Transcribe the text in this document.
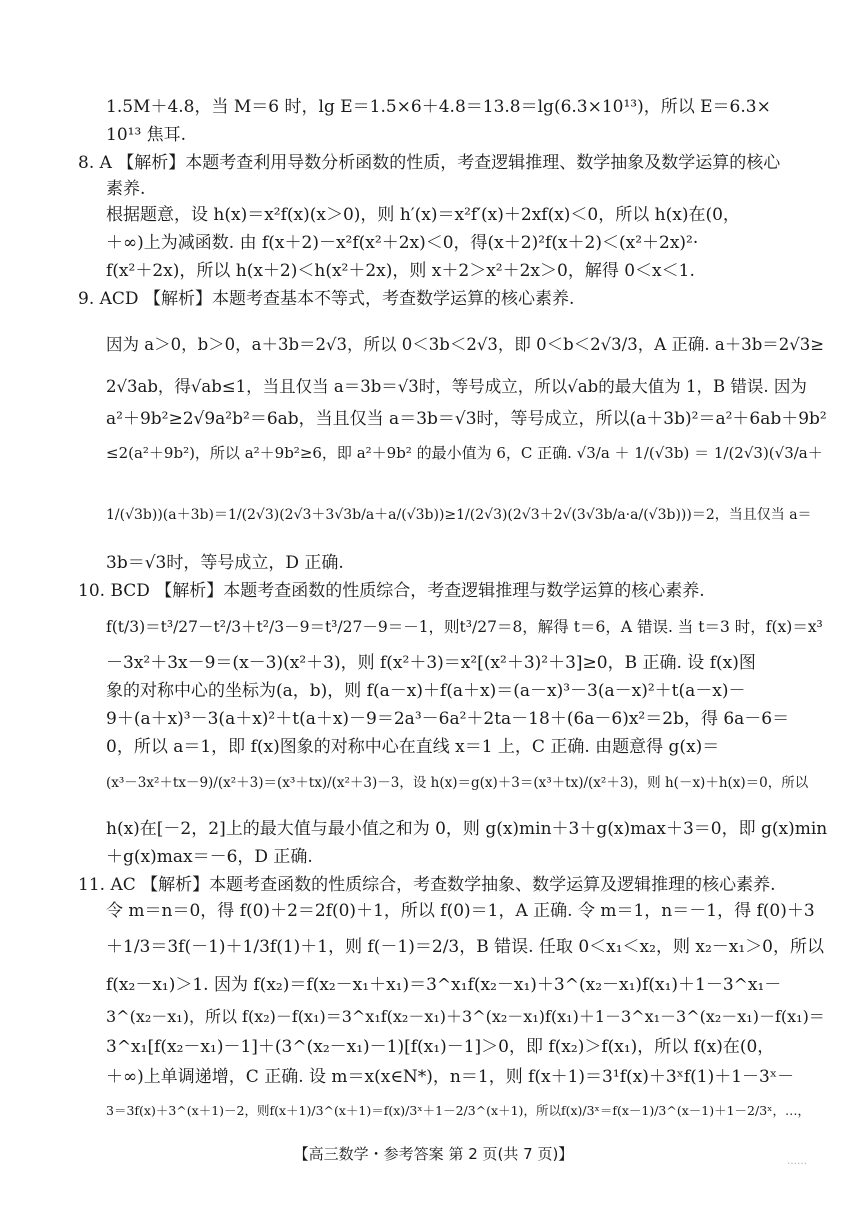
1.5M＋4.8，当 M＝6 时，lg E＝1.5×6＋4.8＝13.8＝lg(6.3×10¹³)，所以 E＝6.3×
10¹³ 焦耳.
8. A 【解析】本题考查利用导数分析函数的性质，考查逻辑推理、数学抽象及数学运算的核心
素养.
根据题意，设 h(x)＝x²f(x)(x＞0)，则 h′(x)＝x²f′(x)＋2xf(x)＜0，所以 h(x)在(0，
＋∞)上为减函数. 由 f(x＋2)－x²f(x²＋2x)＜0，得(x＋2)²f(x＋2)＜(x²＋2x)²·
f(x²＋2x)，所以 h(x＋2)＜h(x²＋2x)，则 x＋2＞x²＋2x＞0，解得 0＜x＜1.
9. ACD 【解析】本题考查基本不等式，考查数学运算的核心素养.
因为 a＞0，b＞0，a＋3b＝2√3，所以 0＜3b＜2√3，即 0＜b＜2√3/3，A 正确. a＋3b＝2√3≥
2√3ab，得√ab≤1，当且仅当 a＝3b＝√3时，等号成立，所以√ab的最大值为 1，B 错误. 因为
a²＋9b²≥2√9a²b²＝6ab，当且仅当 a＝3b＝√3时，等号成立，所以(a＋3b)²＝a²＋6ab＋9b²
≤2(a²＋9b²)，所以 a²＋9b²≥6，即 a²＋9b² 的最小值为 6，C 正确. √3/a ＋ 1/(√3b) ＝ 1/(2√3)(√3/a＋
1/(√3b))(a＋3b)＝1/(2√3)(2√3＋3√3b/a＋a/(√3b))≥1/(2√3)(2√3＋2√(3√3b/a·a/(√3b)))＝2，当且仅当 a＝
3b＝√3时，等号成立，D 正确.
10. BCD 【解析】本题考查函数的性质综合，考查逻辑推理与数学运算的核心素养.
f(t/3)＝t³/27－t²/3＋t²/3－9＝t³/27－9＝－1，则t³/27＝8，解得 t＝6，A 错误. 当 t＝3 时，f(x)＝x³
－3x²＋3x－9＝(x－3)(x²＋3)，则 f(x²＋3)＝x²[(x²＋3)²＋3]≥0，B 正确. 设 f(x)图
象的对称中心的坐标为(a，b)，则 f(a－x)＋f(a＋x)＝(a－x)³－3(a－x)²＋t(a－x)－
9＋(a＋x)³－3(a＋x)²＋t(a＋x)－9＝2a³－6a²＋2ta－18＋(6a－6)x²＝2b，得 6a－6＝
0，所以 a＝1，即 f(x)图象的对称中心在直线 x＝1 上，C 正确. 由题意得 g(x)＝
(x³－3x²＋tx－9)/(x²＋3)＝(x³＋tx)/(x²＋3)－3，设 h(x)＝g(x)＋3＝(x³＋tx)/(x²＋3)，则 h(－x)＋h(x)＝0，所以
h(x)在[－2，2]上的最大值与最小值之和为 0，则 g(x)min＋3＋g(x)max＋3＝0，即 g(x)min
＋g(x)max＝－6，D 正确.
11. AC 【解析】本题考查函数的性质综合，考查数学抽象、数学运算及逻辑推理的核心素养.
令 m＝n＝0，得 f(0)＋2＝2f(0)＋1，所以 f(0)＝1，A 正确. 令 m＝1，n＝－1，得 f(0)＋3
＋1/3＝3f(－1)＋1/3f(1)＋1，则 f(－1)＝2/3，B 错误. 任取 0＜x₁＜x₂，则 x₂－x₁＞0，所以
f(x₂－x₁)＞1. 因为 f(x₂)＝f(x₂－x₁＋x₁)＝3^x₁f(x₂－x₁)＋3^(x₂－x₁)f(x₁)＋1－3^x₁－
3^(x₂－x₁)，所以 f(x₂)－f(x₁)＝3^x₁f(x₂－x₁)＋3^(x₂－x₁)f(x₁)＋1－3^x₁－3^(x₂－x₁)－f(x₁)＝
3^x₁[f(x₂－x₁)－1]＋(3^(x₂－x₁)－1)[f(x₁)－1]＞0，即 f(x₂)＞f(x₁)，所以 f(x)在(0，
＋∞)上单调递增，C 正确. 设 m＝x(x∈N*)，n＝1，则 f(x＋1)＝3¹f(x)＋3ˣf(1)＋1－3ˣ－
3＝3f(x)＋3^(x＋1)－2，则f(x＋1)/3^(x＋1)＝f(x)/3ˣ＋1－2/3^(x＋1)，所以f(x)/3ˣ＝f(x－1)/3^(x－1)＋1－2/3ˣ，…，
【高三数学・参考答案 第 2 页(共 7 页)】	……
